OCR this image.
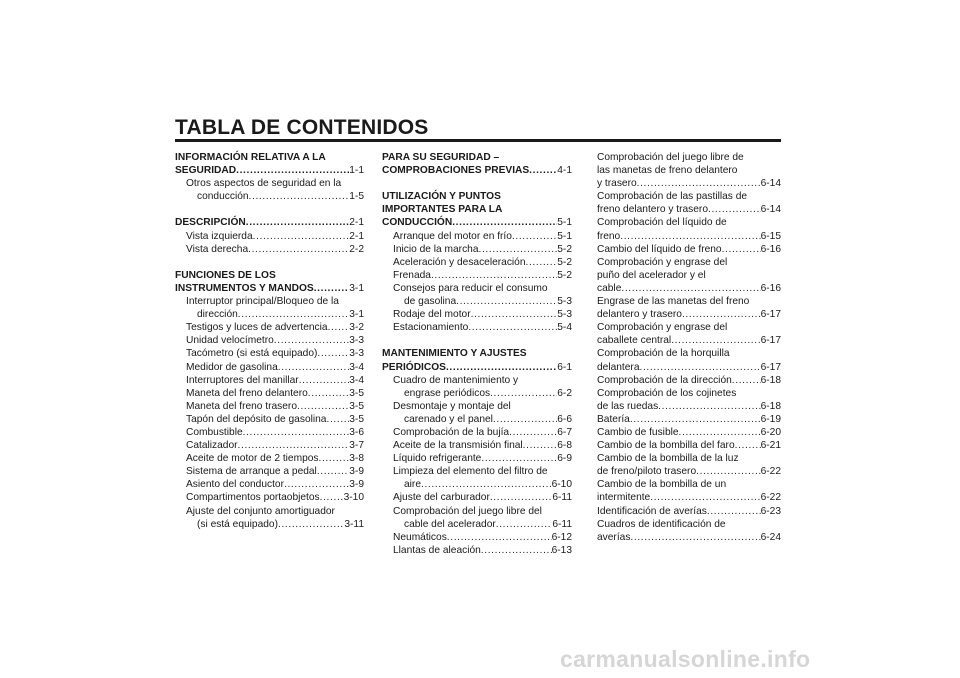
TABLA DE CONTENIDOS
INFORMACIÓN RELATIVA A LA
SEGURIDAD . . .	1-1
Otros aspectos de seguridad en la
conducción . . .	1-5
DESCRIPCIÓN . . .	2-1
Vista izquierda . . .	2-1
Vista derecha . . .	2-2
FUNCIONES DE LOS
INSTRUMENTOS Y MANDOS . . .	3-1
Interruptor principal/Bloqueo de la
dirección . . .	3-1
Testigos y luces de advertencia . . . 3-2
Unidad velocímetro . . .	3-3
Tacómetro (si está equipado) . . .	3-3
Medidor de gasolina . . .	3-4
Interruptores del manillar . . .	3-4
Maneta del freno delantero . . .	3-5
Maneta del freno trasero . . .	3-5
Tapón del depósito de gasolina . . . 3-5
Combustible . . .	3-6
Catalizador . . .	3-7
Aceite de motor de 2 tiempos . . .	3-8
Sistema de arranque a pedal . . .	3-9
Asiento del conductor . . .	3-9
Compartimentos portaobjetos . . . 3-10
Ajuste del conjunto amortiguador
(si está equipado) . . .	3-11
PARA SU SEGURIDAD –
COMPROBACIONES PREVIAS . . .	4-1
UTILIZACIÓN Y PUNTOS
IMPORTANTES PARA LA
CONDUCCIÓN . . .	5-1
Arranque del motor en frío . . .	5-1
Inicio de la marcha . . .	5-2
Aceleración y desaceleración . . .	5-2
Frenada . . .	5-2
Consejos para reducir el consumo
de gasolina . . .	5-3
Rodaje del motor . . .	5-3
Estacionamiento . . .	5-4
MANTENIMIENTO Y AJUSTES
PERIÓDICOS . . .	6-1
Cuadro de mantenimiento y
engrase periódicos . . .	6-2
Desmontaje y montaje del
carenado y el panel . . .	6-6
Comprobación de la bujía . . .	6-7
Aceite de la transmisión final . . .	6-8
Líquido refrigerante . . .	6-9
Limpieza del elemento del filtro de
aire . . .	6-10
Ajuste del carburador . . .	6-11
Comprobación del juego libre del
cable del acelerador . . .	6-11
Neumáticos . . .	6-12
Llantas de aleación . . .	6-13
Comprobación del juego libre de
las manetas de freno delantero
y trasero . . .	6-14
Comprobación de las pastillas de
freno delantero y trasero . . .	6-14
Comprobación del líquido de
freno . . .	6-15
Cambio del líquido de freno . . .	6-16
Comprobación y engrase del
puño del acelerador y el
cable . . .	6-16
Engrase de las manetas del freno
delantero y trasero . . .	6-17
Comprobación y engrase del
caballete central . . .	6-17
Comprobación de la horquilla
delantera . . .	6-17
Comprobación de la dirección . . .	6-18
Comprobación de los cojinetes
de las ruedas . . .	6-18
Batería . . .	6-19
Cambio de fusible . . .	6-20
Cambio de la bombilla del faro . . .	6-21
Cambio de la bombilla de la luz
de freno/piloto trasero . . .	6-22
Cambio de la bombilla de un
intermitente . . .	6-22
Identificación de averías . . .	6-23
Cuadros de identificación de
averías . . .	6-24
carmanualsonline.info
